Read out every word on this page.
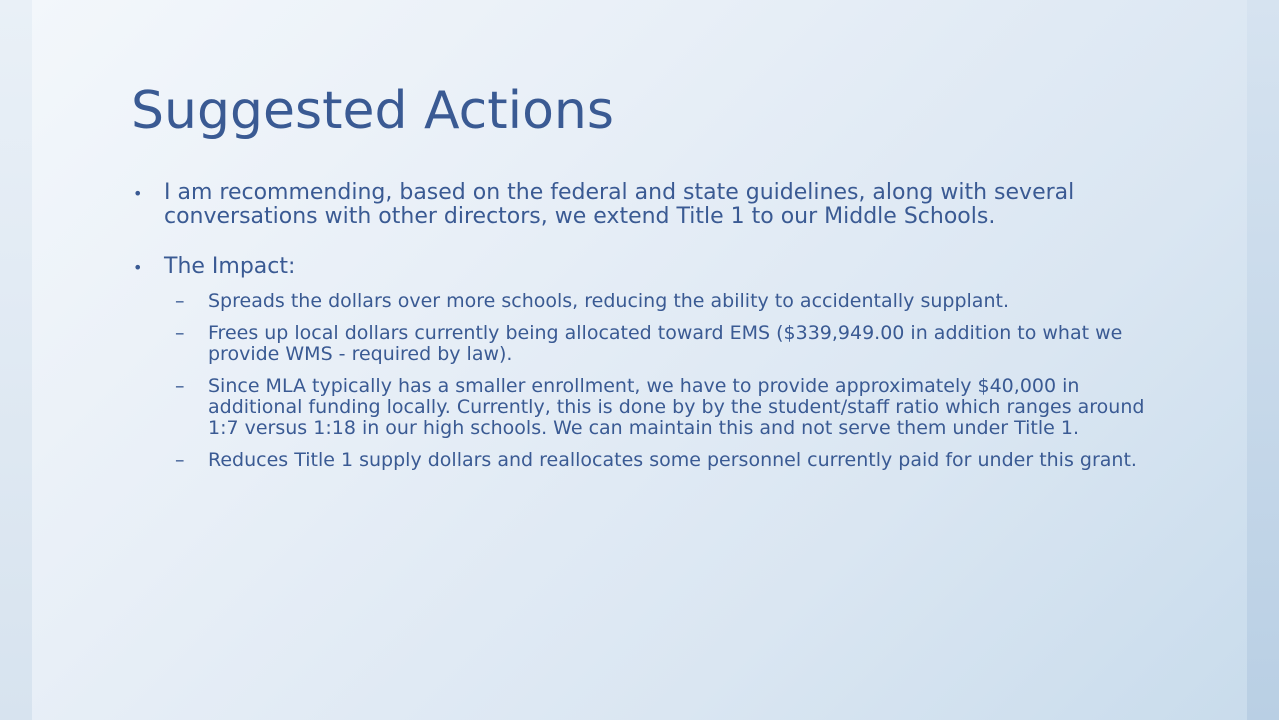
Suggested Actions
• I am recommending, based on the federal and state guidelines, along with several conversations with other directors, we extend Title 1 to our Middle Schools.
• The Impact:
– Spreads the dollars over more schools, reducing the ability to accidentally supplant.
– Frees up local dollars currently being allocated toward EMS ($339,949.00 in addition to what we provide WMS - required by law).
– Since MLA typically has a smaller enrollment, we have to provide approximately $40,000 in additional funding locally. Currently, this is done by by the student/staff ratio which ranges around 1:7 versus 1:18 in our high schools. We can maintain this and not serve them under Title 1.
– Reduces Title 1 supply dollars and reallocates some personnel currently paid for under this grant.
